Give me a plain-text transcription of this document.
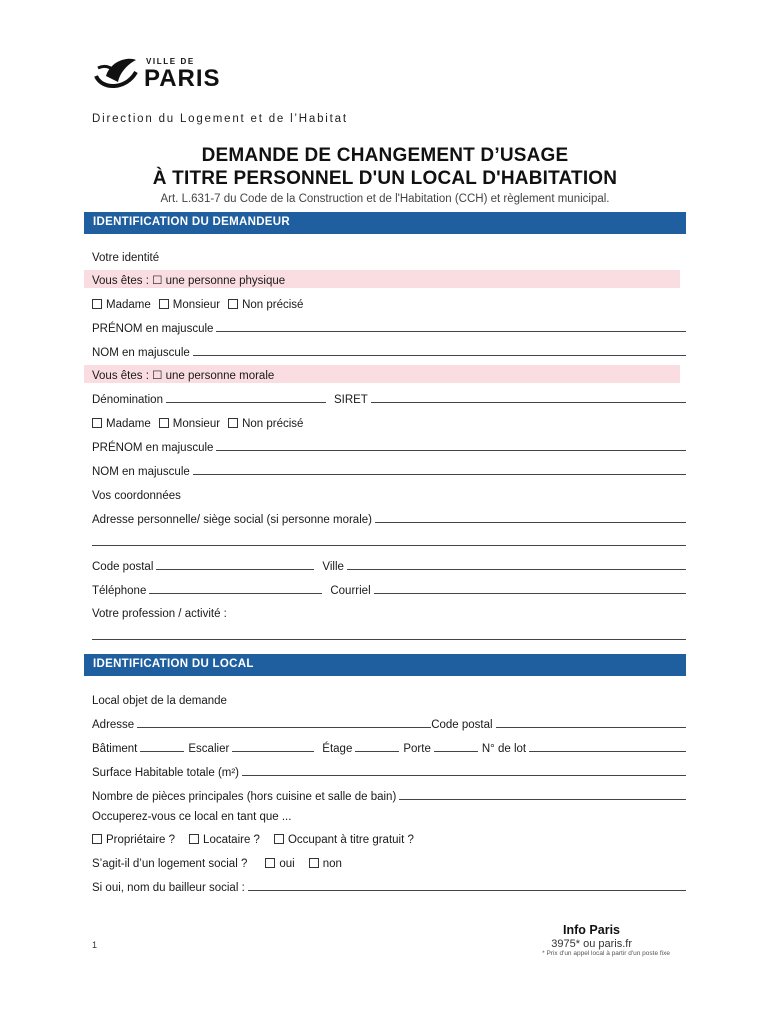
VILLE DE
PARIS
Direction du Logement et de l’Habitat
DEMANDE DE CHANGEMENT D’USAGE
À TITRE PERSONNEL D'UN LOCAL D'HABITATION
Art. L.631-7 du Code de la Construction et de l'Habitation (CCH) et règlement municipal.
IDENTIFICATION DU DEMANDEUR
Votre identité
Vous êtes : ☐ une personne physique
Madame	Monsieur	Non précisé
PRÉNOM en majuscule
NOM en majuscule
Vous êtes : ☐ une personne morale
Dénomination	SIRET
Madame	Monsieur	Non précisé
PRÉNOM en majuscule
NOM en majuscule
Vos coordonnées
Adresse personnelle/ siège social (si personne morale)
Code postal	Ville
Téléphone	Courriel
Votre profession / activité :
IDENTIFICATION DU LOCAL
Local objet de la demande
Adresse	Code postal
Bâtiment	Escalier	Étage	Porte	N° de lot
Surface Habitable totale (m²)
Nombre de pièces principales (hors cuisine et salle de bain)
Occuperez-vous ce local en tant que ...
Propriétaire ?	Locataire ?	Occupant à titre gratuit ?
S’agit-il d’un logement social ?	oui	non
Si oui, nom du bailleur social :
1
Info Paris
3975* ou paris.fr
* Prix d'un appel local à partir d'un poste fixe
